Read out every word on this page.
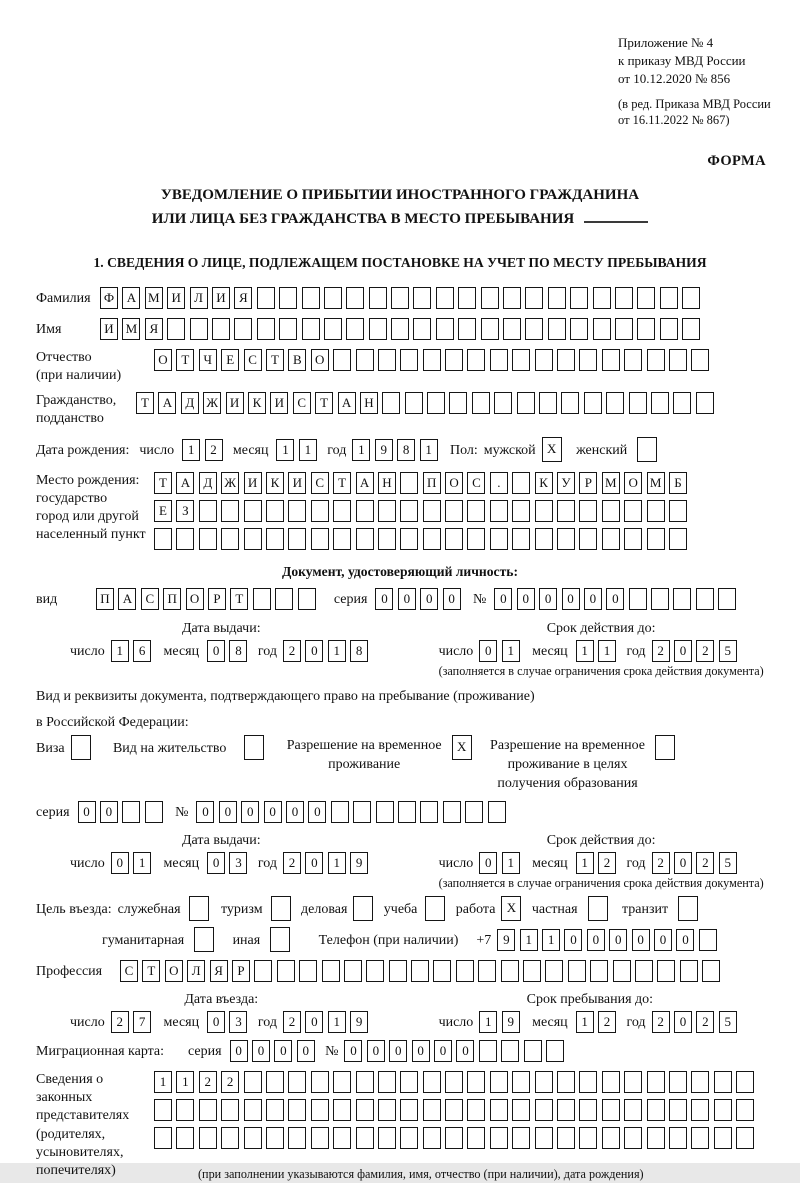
Приложение № 4
к приказу МВД России
от 10.12.2020 № 856
(в ред. Приказа МВД России
от 16.11.2022 № 867)
ФОРМА
УВЕДОМЛЕНИЕ О ПРИБЫТИИ ИНОСТРАННОГО ГРАЖДАНИНА
ИЛИ ЛИЦА БЕЗ ГРАЖДАНСТВА В МЕСТО ПРЕБЫВАНИЯ
1. СВЕДЕНИЯ О ЛИЦЕ, ПОДЛЕЖАЩЕМ ПОСТАНОВКЕ НА УЧЕТ ПО МЕСТУ ПРЕБЫВАНИЯ
Фамилия	Ф А М И	Л	И	Я
Имя	И М Я
Отчество
(при наличии)
О	Т	Ч	Е	С	Т	В	О
Гражданство,
подданство
Т	А	Д Ж И	К	И	С	Т	А	Н
Дата рождения: число	1	2	месяц	1	1	год 1	9	8	1	Пол: мужской X	женский
Место рождения:
государство
город или другой
населенный пункт
Т	А	Д Ж И	К	И	С	Т	А	Н	П	О	С	.	К	У	Р	М О М Б
Е	З
Документ, удостоверяющий личность:
вид	П	А	С	П	О	Р	Т	серия	0	0	0	0	№	0	0	0	0	0	0
Дата выдачи:
число 1	6	месяц	0	8	год 2	0	1	8
Срок действия до:
число 0	1	месяц	1	1	год 2	0	2	5
(заполняется в случае ограничения срока действия документа)
Вид и реквизиты документа, подтверждающего право на пребывание (проживание)
в Российской Федерации:
Виза	Вид на жительство	Разрешение на временное
проживание
X	Разрешение на временное
проживание в целях
получения образования
серия	0	0	№	0	0	0	0	0	0
Дата выдачи:
число 0	1	месяц	0	3	год 2	0	1	9
Срок действия до:
число 0	1	месяц	1	2	год 2	0	2	5
(заполняется в случае ограничения срока действия документа)
Цель въезда: служебная	туризм	деловая	учеба	работа X	частная	транзит
гуманитарная	иная	Телефон (при наличии) +7 9	1	1	0	0	0	0	0	0
Профессия	С	Т	О	Л	Я	Р
Дата въезда:
число 2	7	месяц	0	3	год 2	0	1	9
Срок пребывания до:
число 1	9	месяц	1	2	год 2	0	2	5
Миграционная карта: серия	0	0	0	0	№ 0	0	0	0	0	0
Сведения о
законных
представителях
(родителях,
усыновителях,
попечителях)
1	1	2	2
(при заполнении указываются фамилия, имя, отчество (при наличии), дата рождения)
